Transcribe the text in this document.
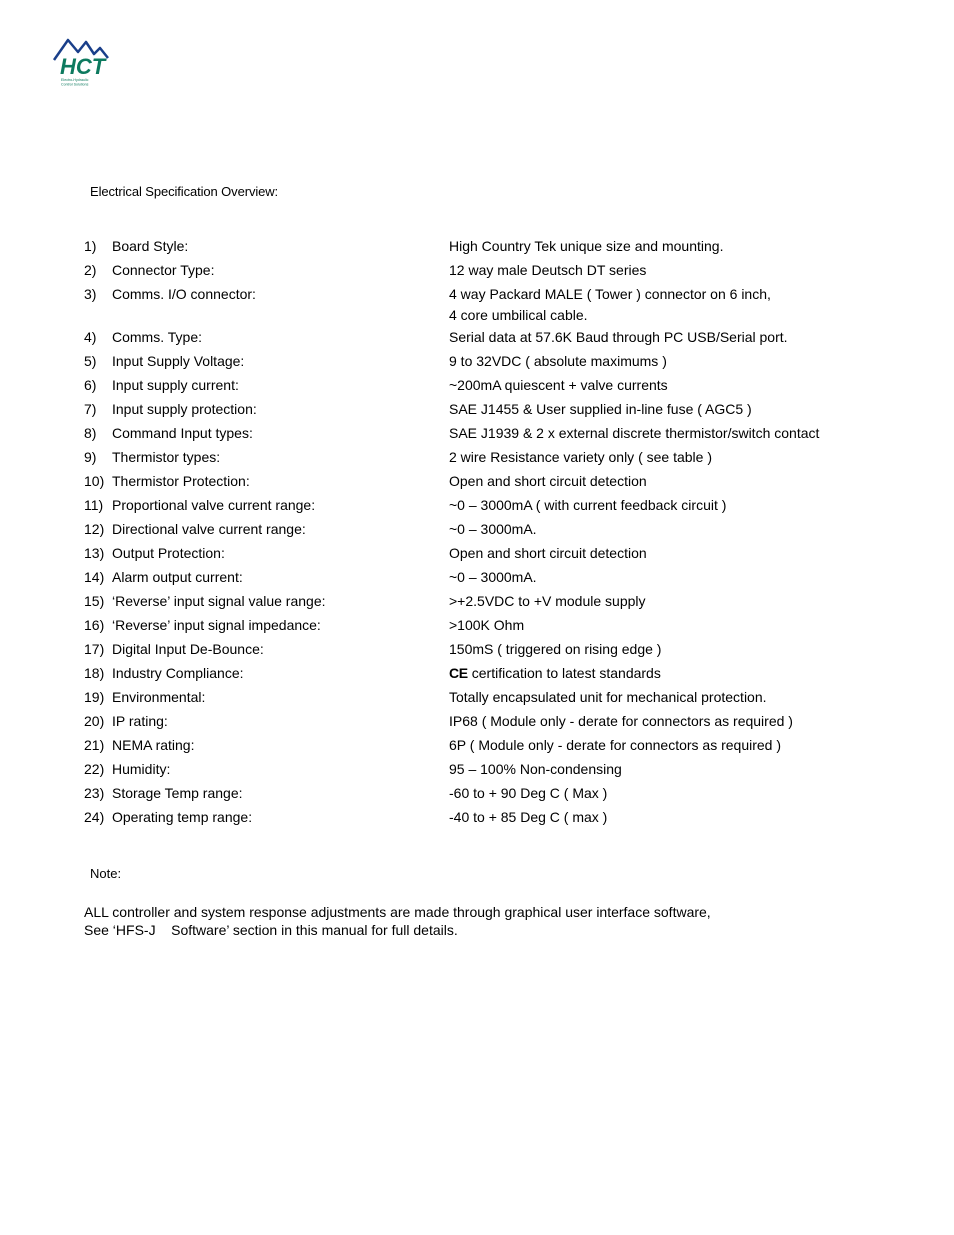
HCT
Electro-Hydraulic
Control Solutions
Electrical Specification Overview:
1)	Board Style:	High Country Tek unique size and mounting.
2)	Connector Type:	12 way male Deutsch DT series
3)	Comms. I/O connector:	4 way Packard MALE ( Tower ) connector on 6 inch,
4 core umbilical cable.
4)	Comms. Type:	Serial data at 57.6K Baud through PC USB/Serial port.
5)	Input Supply Voltage:	9 to 32VDC ( absolute maximums )
6)	Input supply current:	~200mA quiescent + valve currents
7)	Input supply protection:	SAE J1455 & User supplied in-line fuse ( AGC5 )
8)	Command Input types:	SAE J1939 & 2 x external discrete thermistor/switch contact
9)	Thermistor types:	2 wire Resistance variety only ( see table )
10) Thermistor Protection:	Open and short circuit detection
11) Proportional valve current range:	~0 – 3000mA ( with current feedback circuit )
12) Directional valve current range:	~0 – 3000mA.
13) Output Protection:	Open and short circuit detection
14) Alarm output current:	~0 – 3000mA.
15) ‘Reverse’ input signal value range:	>+2.5VDC to +V module supply
16) ‘Reverse’ input signal impedance:	>100K Ohm
17) Digital Input De-Bounce:	150mS ( triggered on rising edge )
18) Industry Compliance:	CE certification to latest standards
19) Environmental:	Totally encapsulated unit for mechanical protection.
20) IP rating:	IP68 ( Module only - derate for connectors as required )
21) NEMA rating:	6P ( Module only - derate for connectors as required )
22) Humidity:	95 – 100% Non-condensing
23) Storage Temp range:	-60 to + 90 Deg C ( Max )
24) Operating temp range:	-40 to + 85 Deg C ( max )
Note:
ALL controller and system response adjustments are made through graphical user interface software,
See ‘HFS-J    Software’ section in this manual for full details.
